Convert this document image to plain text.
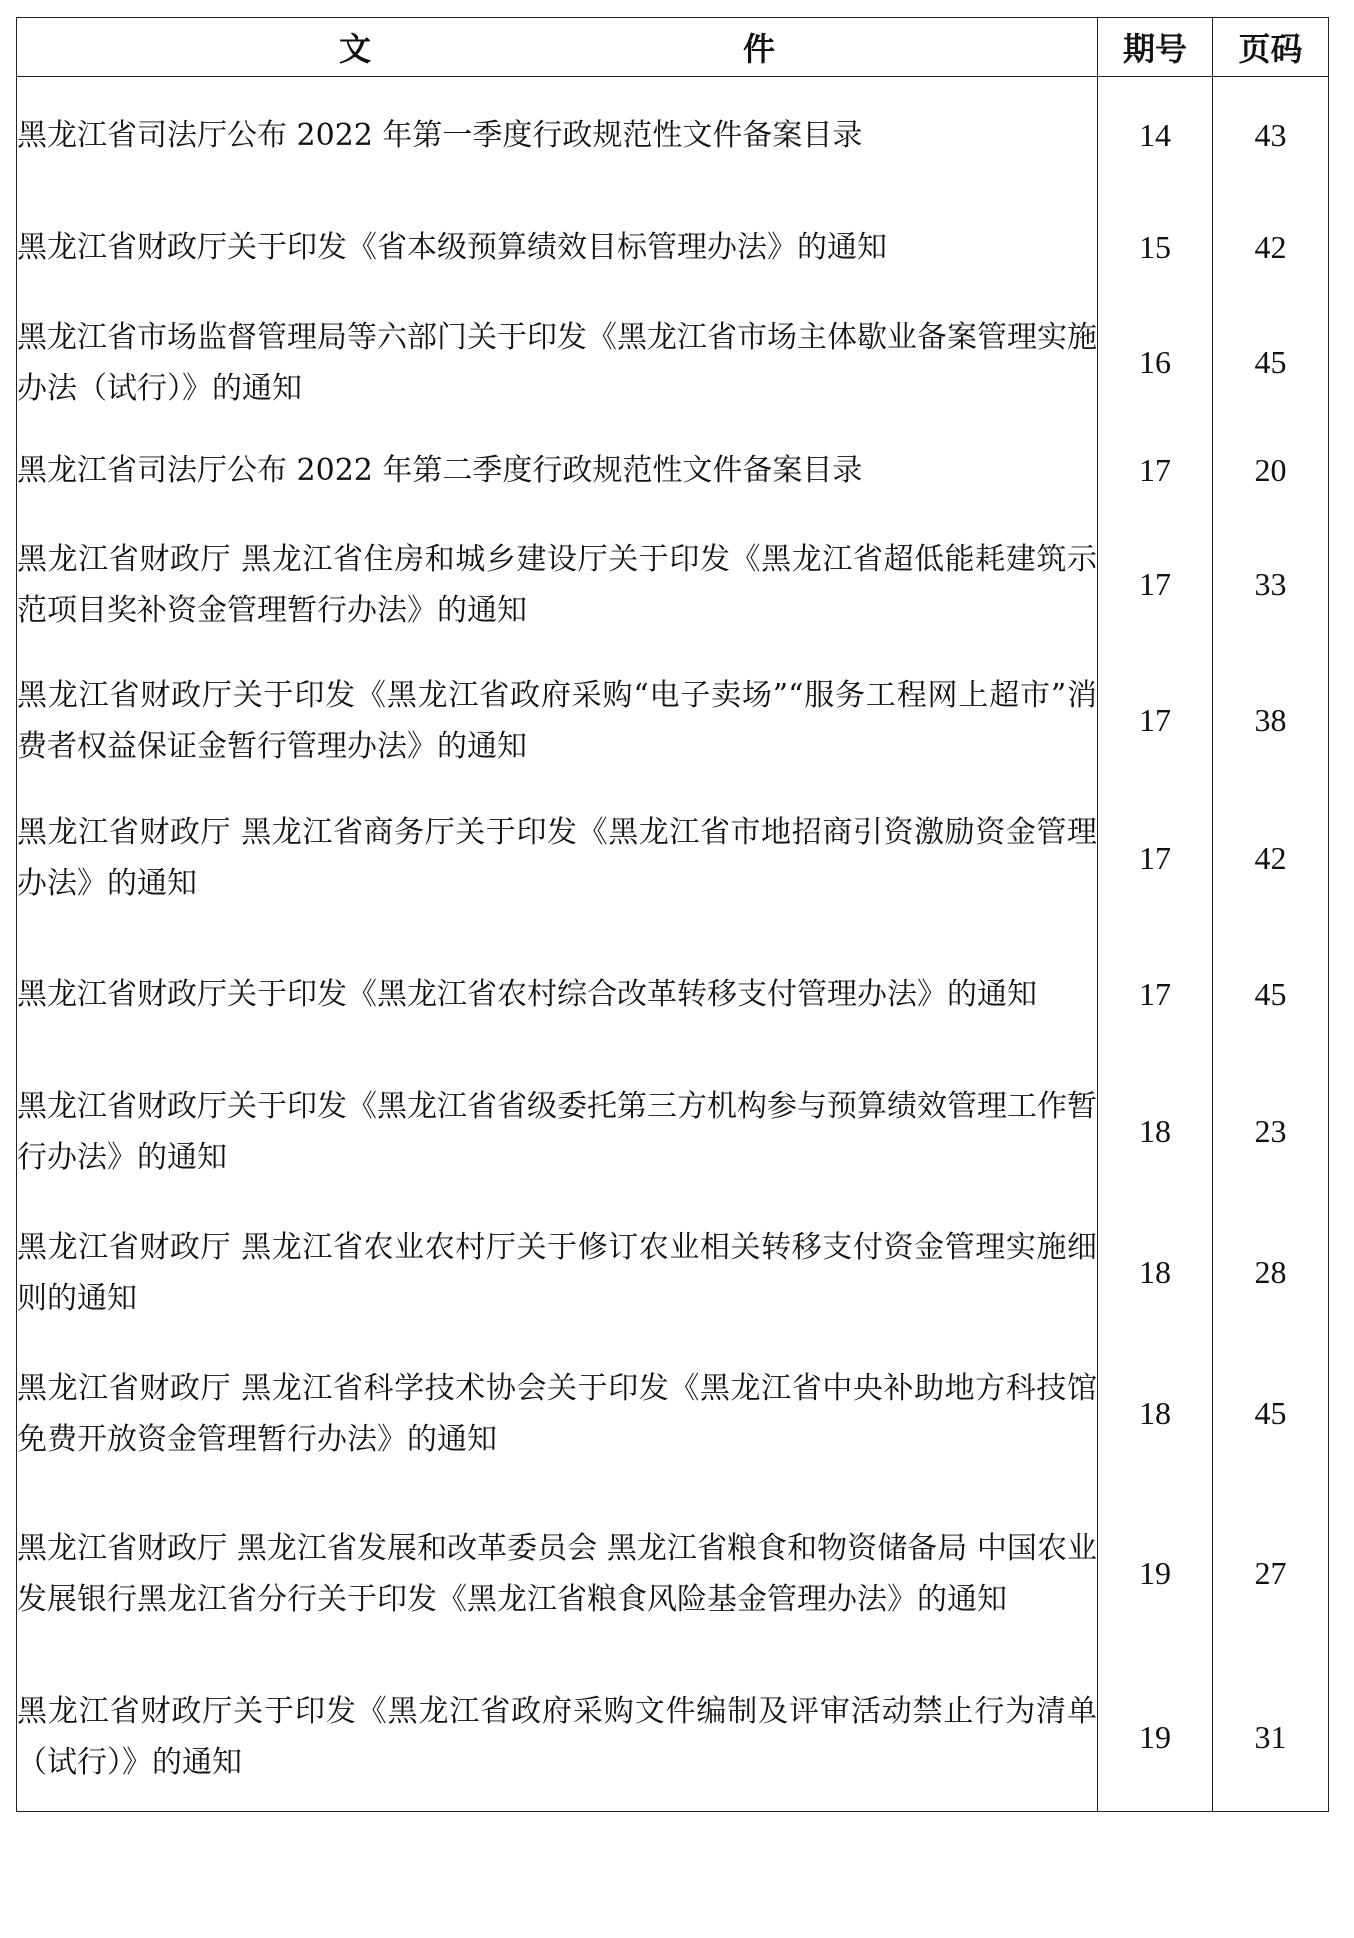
文　件	期号	页码
黑龙江省司法厅公布 2022 年第一季度行政规范性文件备案目录	14	43
黑龙江省财政厅关于印发《省本级预算绩效目标管理办法》的通知	15	42
黑龙江省市场监督管理局等六部门关于印发《黑龙江省市场主体歇业备案管理实施办法（试行）》的通知	16	45
黑龙江省司法厅公布 2022 年第二季度行政规范性文件备案目录	17	20
黑龙江省财政厅 黑龙江省住房和城乡建设厅关于印发《黑龙江省超低能耗建筑示范项目奖补资金管理暂行办法》的通知	17	33
黑龙江省财政厅关于印发《黑龙江省政府采购“电子卖场”“服务工程网上超市”消费者权益保证金暂行管理办法》的通知	17	38
黑龙江省财政厅 黑龙江省商务厅关于印发《黑龙江省市地招商引资激励资金管理办法》的通知	17	42
黑龙江省财政厅关于印发《黑龙江省农村综合改革转移支付管理办法》的通知	17	45
黑龙江省财政厅关于印发《黑龙江省省级委托第三方机构参与预算绩效管理工作暂行办法》的通知	18	23
黑龙江省财政厅 黑龙江省农业农村厅关于修订农业相关转移支付资金管理实施细则的通知	18	28
黑龙江省财政厅 黑龙江省科学技术协会关于印发《黑龙江省中央补助地方科技馆免费开放资金管理暂行办法》的通知	18	45
黑龙江省财政厅 黑龙江省发展和改革委员会 黑龙江省粮食和物资储备局 中国农业发展银行黑龙江省分行关于印发《黑龙江省粮食风险基金管理办法》的通知	19	27
黑龙江省财政厅关于印发《黑龙江省政府采购文件编制及评审活动禁止行为清单（试行）》的通知	19	31
